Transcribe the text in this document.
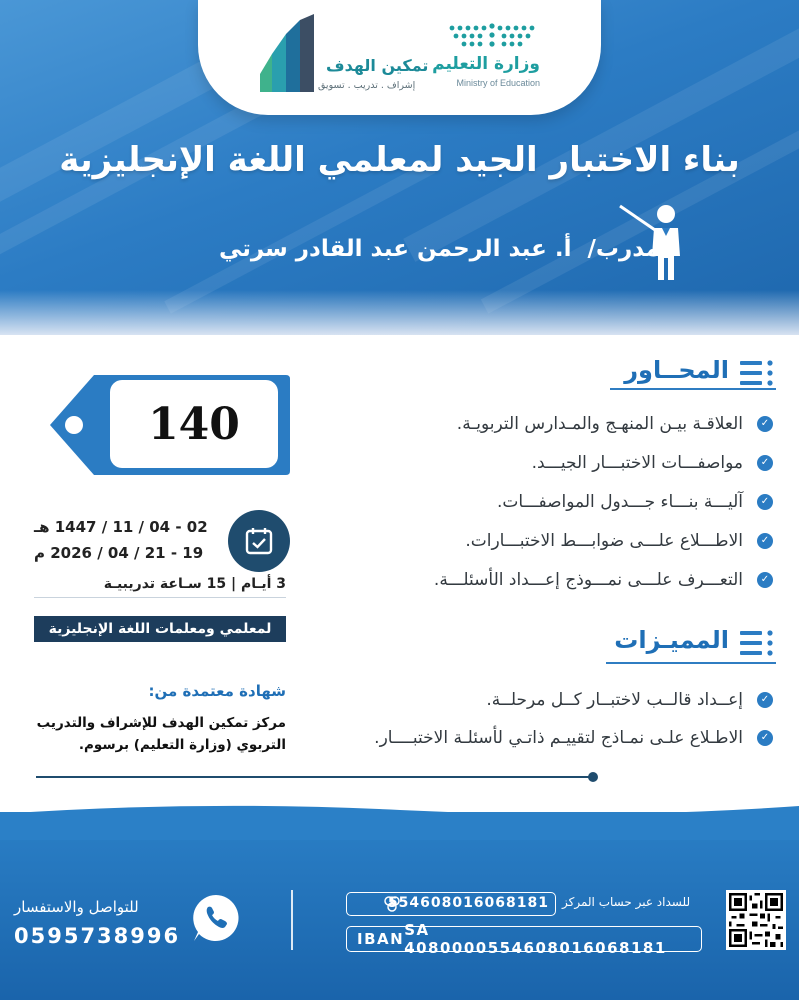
وزارة التعليم
Ministry of Education
تمكين الهدف
إشراف . تدريب . تسويق
بناء الاختبار الجيد لمعلمي اللغة الإنجليزية
للمدرب/ أ. عبد الرحمن عبد القادر سرتي
المحــاور
✓
العلاقـة بيـن المنهـج والمـدارس التربويـة.
✓
مواصفـــات الاختبـــار الجيـــد.
✓
آليـــة بنـــاء جـــدول المواصفـــات.
✓
الاطـــلاع علـــى ضوابـــط الاختبـــارات.
✓
التعـــرف علـــى نمـــوذج إعـــداد الأسئلـــة.
المميـزات
✓
إعــداد قالــب لاختبــار كــل مرحلــة.
✓
الاطـلاع علـى نمـاذج لتقييـم ذاتـي لأسئلـة الاختبــــار.
140
02 - 04 / 11 / 1447 هـ
19 - 21 / 04 / 2026 م
3 أيـام | 15 سـاعة تدريبيـة
لمعلمي ومعلمات اللغة الإنجليزية
شهادة معتمدة من:
مركز تمكين الهدف للإشراف والتدريب التربوي (وزارة التعليم) برسوم.
للتواصل والاستفسار
0595738996
للسداد عبر حساب المركز
554608016068181
IBAN SA 4080000554608016068181
